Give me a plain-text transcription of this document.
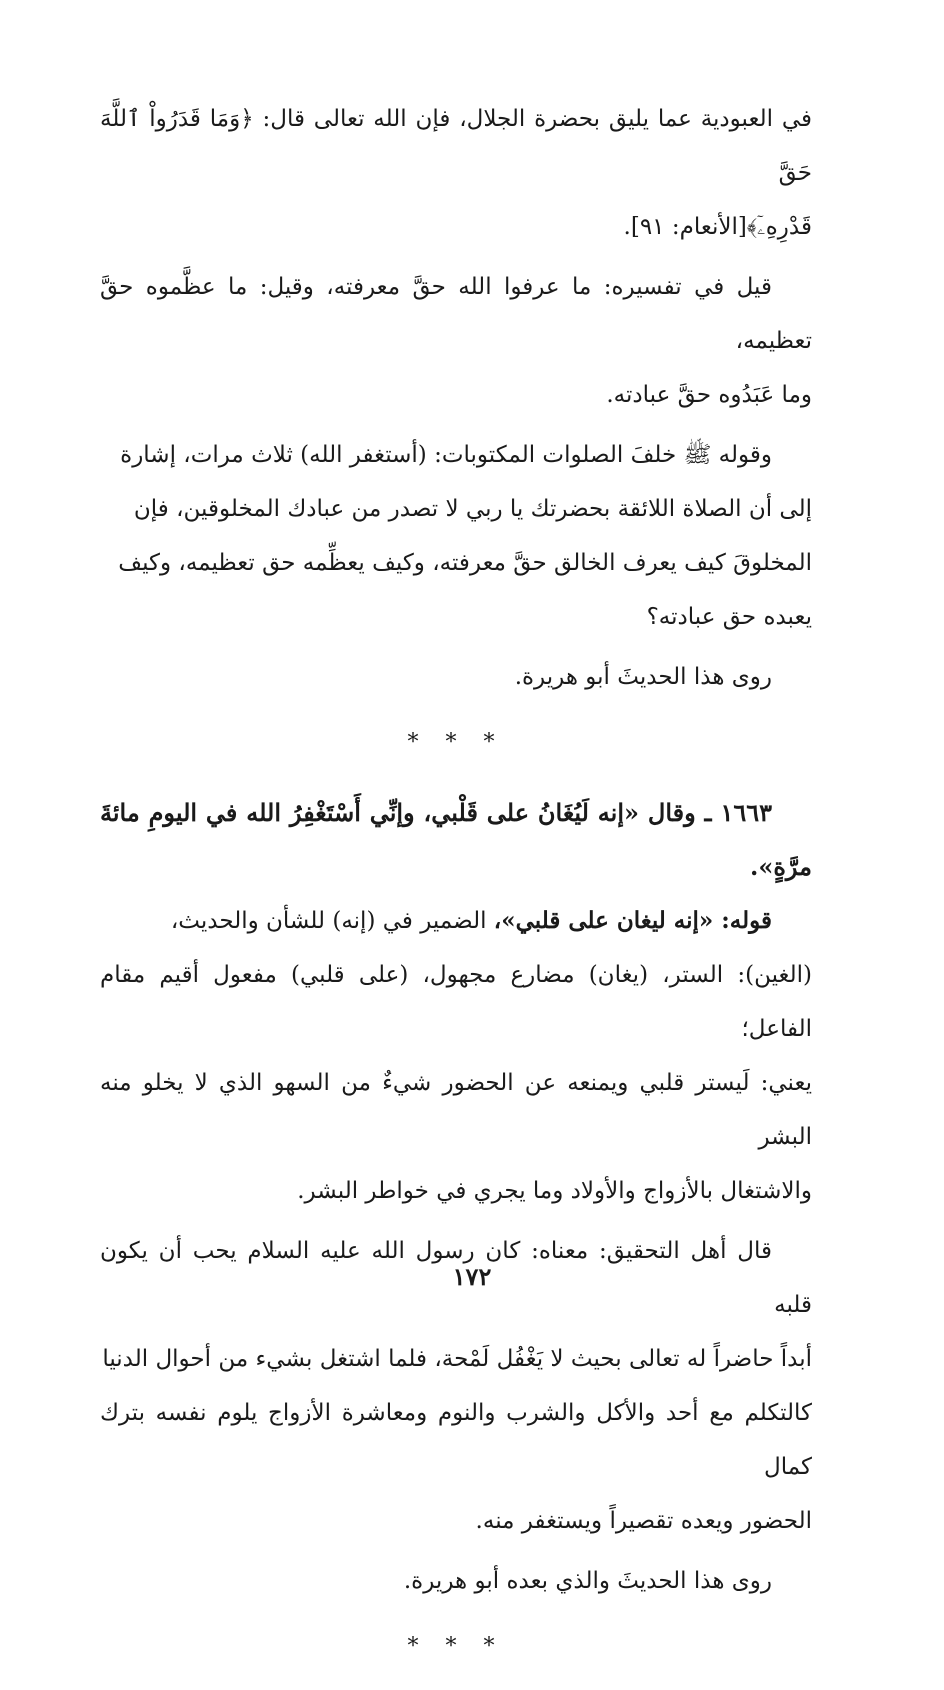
في العبودية عما يليق بحضرة الجلال، فإن الله تعالى قال: ﴿وَمَا قَدَرُواْ ٱللَّهَ حَقَّ

قَدْرِهِۦٓ﴾[الأنعام: ٩١].

قيل في تفسيره: ما عرفوا الله حقَّ معرفته، وقيل: ما عظَّموه حقَّ تعظيمه،

وما عَبَدُوه حقَّ عبادته.

وقوله ﷺ خلفَ الصلوات المكتوبات: (أستغفر الله) ثلاث مرات، إشارة

إلى أن الصلاة اللائقة بحضرتك يا ربي لا تصدر من عبادك المخلوقين، فإن

المخلوقَ كيف يعرف الخالق حقَّ معرفته، وكيف يعظِّمه حق تعظيمه، وكيف

يعبده حق عبادته؟

روى هذا الحديثَ أبو هريرة.

* * *

١٦٦٣ ـ وقال «إنه لَيُغَانُ على قَلْبي، وإنِّي أَسْتَغْفِرُ الله في اليومِ مائةَ مرَّةٍ».

قوله: «إنه ليغان على قلبي»، الضمير في (إنه) للشأن والحديث،

(الغين): الستر، (يغان) مضارع مجهول، (على قلبي) مفعول أقيم مقام الفاعل؛

يعني: لَيستر قلبي ويمنعه عن الحضور شيءٌ من السهو الذي لا يخلو منه البشر

والاشتغال بالأزواج والأولاد وما يجري في خواطر البشر.

قال أهل التحقيق: معناه: كان رسول الله عليه السلام يحب أن يكون قلبه

أبداً حاضراً له تعالى بحيث لا يَغْفُل لَمْحة، فلما اشتغل بشيء من أحوال الدنيا

كالتكلم مع أحد والأكل والشرب والنوم ومعاشرة الأزواج يلوم نفسه بترك كمال

الحضور ويعده تقصيراً ويستغفر منه.

روى هذا الحديثَ والذي بعده أبو هريرة.

* * *
١٧٢
